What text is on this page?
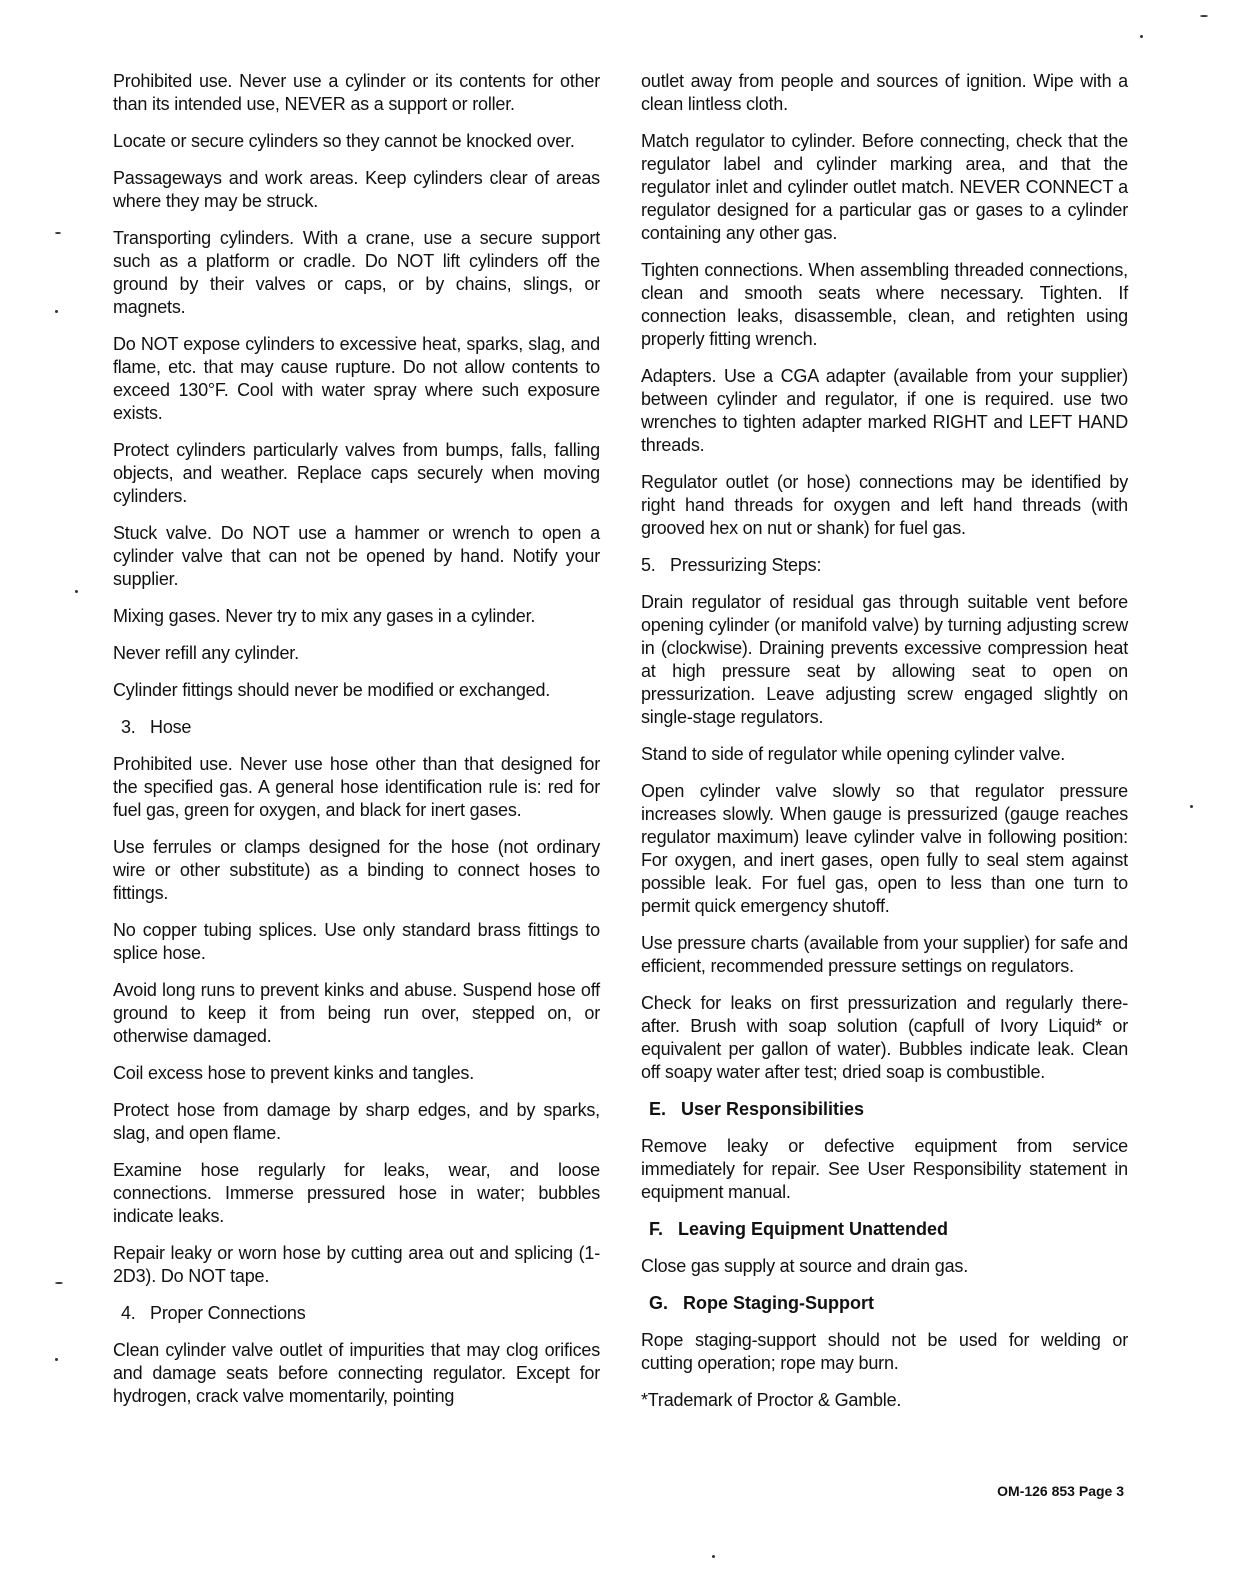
Prohibited use. Never use a cylinder or its contents for other than its intended use, NEVER as a support or roller.

Locate or secure cylinders so they cannot be knocked over.

Passageways and work areas. Keep cylinders clear of areas where they may be struck.

Transporting cylinders. With a crane, use a secure support such as a platform or cradle. Do NOT lift cylinders off the ground by their valves or caps, or by chains, slings, or magnets.

Do NOT expose cylinders to excessive heat, sparks, slag, and flame, etc. that may cause rupture. Do not allow contents to exceed 130°F. Cool with water spray where such exposure exists.

Protect cylinders particularly valves from bumps, falls, falling objects, and weather. Replace caps securely when moving cylinders.

Stuck valve. Do NOT use a hammer or wrench to open a cylinder valve that can not be opened by hand. Notify your supplier.

Mixing gases. Never try to mix any gases in a cylinder.

Never refill any cylinder.

Cylinder fittings should never be modified or exchanged.

3.   Hose

Prohibited use. Never use hose other than that designed for the specified gas. A general hose identification rule is: red for fuel gas, green for oxygen, and black for inert gases.

Use ferrules or clamps designed for the hose (not ordinary wire or other substitute) as a binding to connect hoses to fittings.

No copper tubing splices. Use only standard brass fittings to splice hose.

Avoid long runs to prevent kinks and abuse. Suspend hose off ground to keep it from being run over, stepped on, or otherwise damaged.

Coil excess hose to prevent kinks and tangles.

Protect hose from damage by sharp edges, and by sparks, slag, and open flame.

Examine hose regularly for leaks, wear, and loose connections. Immerse pressured hose in water; bubbles indicate leaks.

Repair leaky or worn hose by cutting area out and splicing (1-2D3). Do NOT tape.

4.   Proper Connections

Clean cylinder valve outlet of impurities that may clog orifices and damage seats before connecting regulator. Except for hydrogen, crack valve momentarily, pointing

outlet away from people and sources of ignition. Wipe with a clean lintless cloth.

Match regulator to cylinder. Before connecting, check that the regulator label and cylinder marking area, and that the regulator inlet and cylinder outlet match. NEVER CONNECT a regulator designed for a particular gas or gases to a cylinder containing any other gas.

Tighten connections. When assembling threaded connections, clean and smooth seats where necessary. Tighten. If connection leaks, disassemble, clean, and retighten using properly fitting wrench.

Adapters. Use a CGA adapter (available from your supplier) between cylinder and regulator, if one is required. use two wrenches to tighten adapter marked RIGHT and LEFT HAND threads.

Regulator outlet (or hose) connections may be identified by right hand threads for oxygen and left hand threads (with grooved hex on nut or shank) for fuel gas.

5.   Pressurizing Steps:

Drain regulator of residual gas through suitable vent before opening cylinder (or manifold valve) by turning adjusting screw in (clockwise). Draining prevents excessive compression heat at high pressure seat by allowing seat to open on pressurization. Leave adjusting screw engaged slightly on single-stage regulators.

Stand to side of regulator while opening cylinder valve.

Open cylinder valve slowly so that regulator pressure increases slowly. When gauge is pressurized (gauge reaches regulator maximum) leave cylinder valve in following position: For oxygen, and inert gases, open fully to seal stem against possible leak. For fuel gas, open to less than one turn to permit quick emergency shutoff.

Use pressure charts (available from your supplier) for safe and efficient, recommended pressure settings on regulators.

Check for leaks on first pressurization and regularly there-after. Brush with soap solution (capfull of Ivory Liquid* or equivalent per gallon of water). Bubbles indicate leak. Clean off soapy water after test; dried soap is combustible.

E.   User Responsibilities

Remove leaky or defective equipment from service immediately for repair. See User Responsibility statement in equipment manual.

F.   Leaving Equipment Unattended

Close gas supply at source and drain gas.

G.   Rope Staging-Support

Rope staging-support should not be used for welding or cutting operation; rope may burn.

*Trademark of Proctor & Gamble.

OM-126 853 Page 3
